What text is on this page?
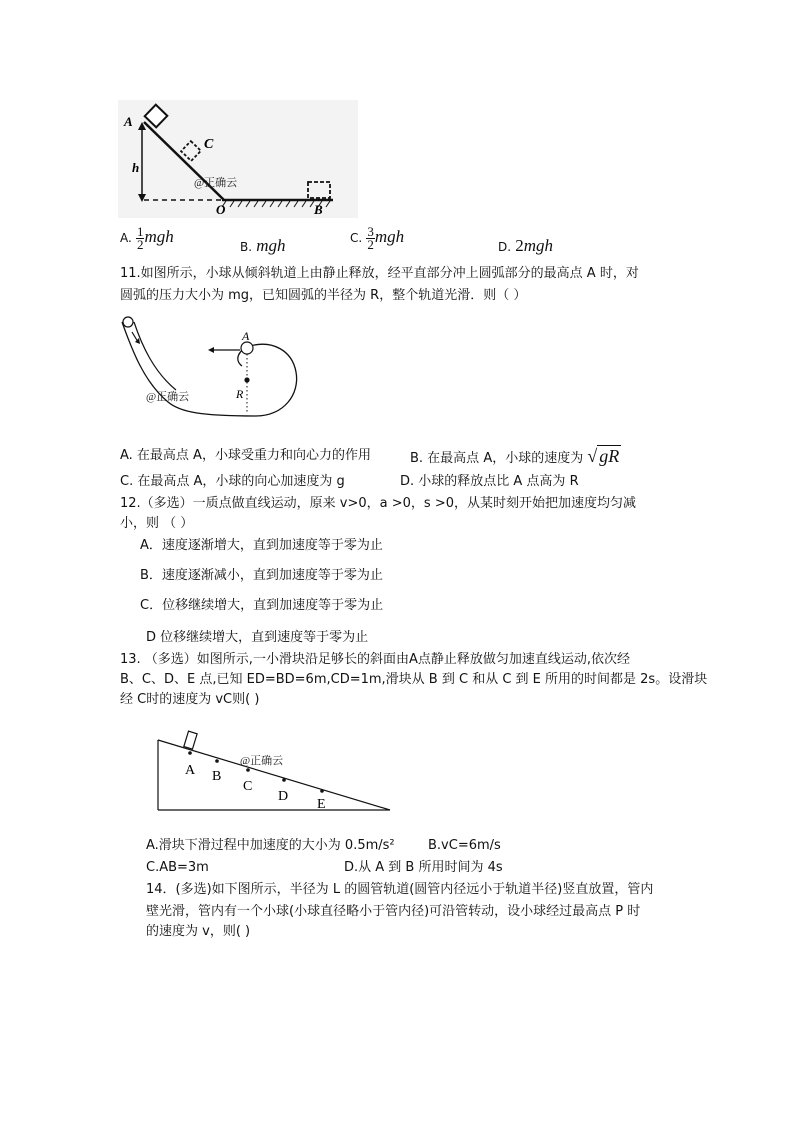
A
C
h
O	B
@正确云
A. $\frac{1}{2}$ mgh
B. mgh	C. $\frac{3}{2}$ mgh
D. 2mgh
11.如图所示，小球从倾斜轨道上由静止释放，经平直部分冲上圆弧部分的最高点 A 时，对
圆弧的压力大小为 mg，已知圆弧的半径为 R，整个轨道光滑．则（ ）
A
R
@正确云
A. 在最高点 A，小球受重力和向心力的作用	B. 在最高点 A，小球的速度为 √ gR
C. 在最高点 A，小球的向心加速度为 g	D. 小球的释放点比 A 点高为 R
12.（多选）一质点做直线运动，原来 v>0，a >0，s >0，从某时刻开始把加速度均匀减
小，则 （ ）
A．速度逐渐增大，直到加速度等于零为止
B．速度逐渐减小，直到加速度等于零为止
C．位移继续增大，直到加速度等于零为止
D 位移继续增大，直到速度等于零为止
13. （多选）如图所示,一小滑块沿足够长的斜面由A点静止释放做匀加速直线运动,依次经
B、C、D、E 点,已知 ED=BD=6m,CD=1m,滑块从 B 到 C 和从 C 到 E 所用的时间都是 2s。设滑块
经 C时的速度为 vC则( )
A B
C
D
E
@正确云
A.滑块下滑过程中加速度的大小为 0.5m/s²	B.vC=6m/s
C.AB=3m	D.从 A 到 B 所用时间为 4s
14．(多选)如下图所示，半径为 L 的圆管轨道(圆管内径远小于轨道半径)竖直放置，管内
壁光滑，管内有一个小球(小球直径略小于管内径)可沿管转动，设小球经过最高点 P 时
的速度为 v，则( )
